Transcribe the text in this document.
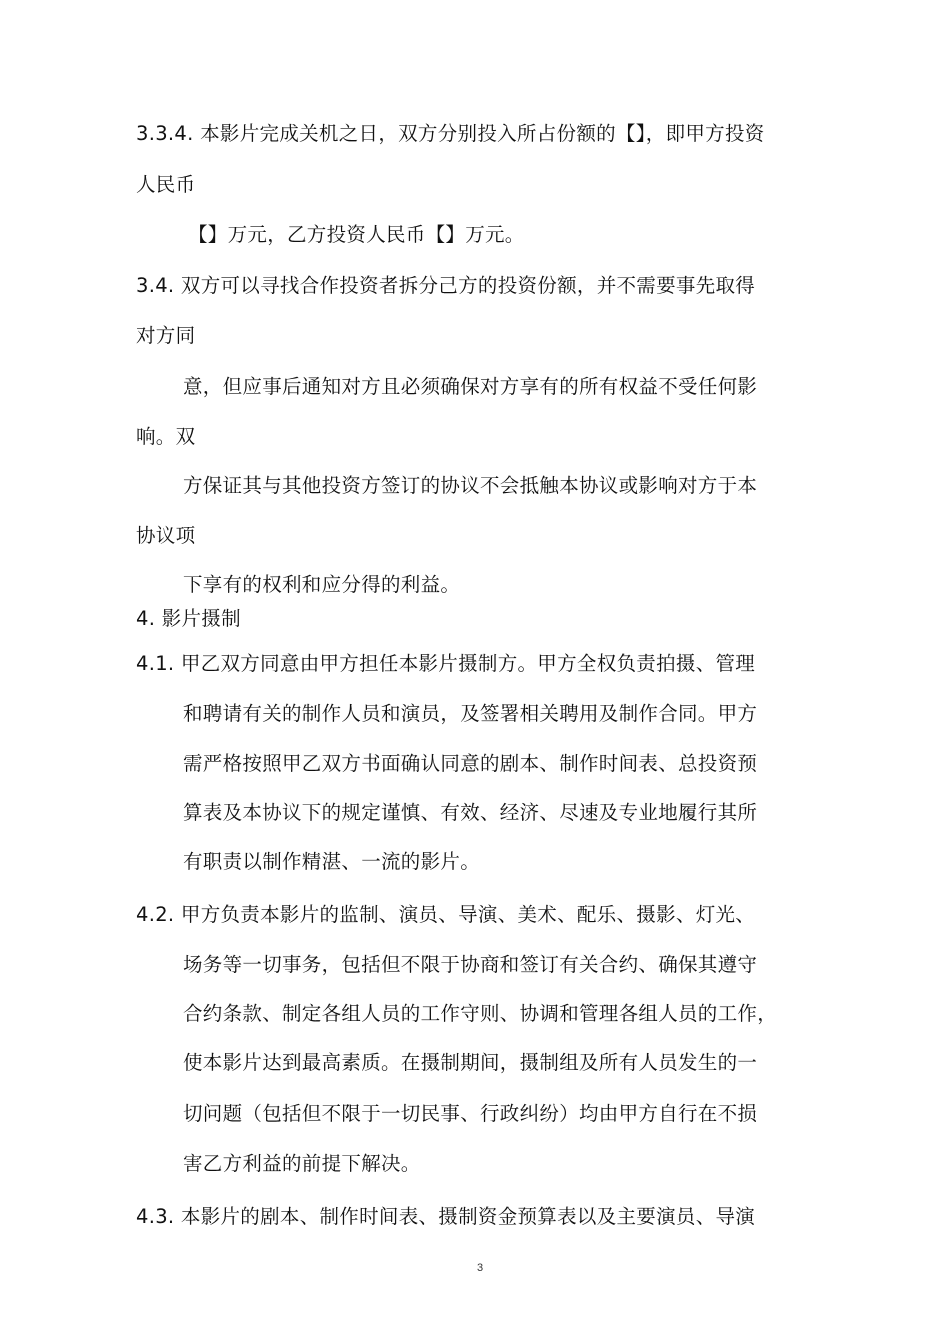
3.3.4. 本影片完成关机之日，双方分别投入所占份额的【】，即甲方投资
人民币
【】万元，乙方投资人民币【】万元。
3.4. 双方可以寻找合作投资者拆分己方的投资份额，并不需要事先取得
对方同
意，但应事后通知对方且必须确保对方享有的所有权益不受任何影
响。双
方保证其与其他投资方签订的协议不会抵触本协议或影响对方于本
协议项
下享有的权利和应分得的利益。
4. 影片摄制
4.1. 甲乙双方同意由甲方担任本影片摄制方。甲方全权负责拍摄、管理
和聘请有关的制作人员和演员，及签署相关聘用及制作合同。甲方
需严格按照甲乙双方书面确认同意的剧本、制作时间表、总投资预
算表及本协议下的规定谨慎、有效、经济、尽速及专业地履行其所
有职责以制作精湛、一流的影片。
4.2. 甲方负责本影片的监制、演员、导演、美术、配乐、摄影、灯光、
场务等一切事务，包括但不限于协商和签订有关合约、确保其遵守
合约条款、制定各组人员的工作守则、协调和管理各组人员的工作，
使本影片达到最高素质。在摄制期间，摄制组及所有人员发生的一
切问题（包括但不限于一切民事、行政纠纷）均由甲方自行在不损
害乙方利益的前提下解决。
4.3. 本影片的剧本、制作时间表、摄制资金预算表以及主要演员、导演
3
